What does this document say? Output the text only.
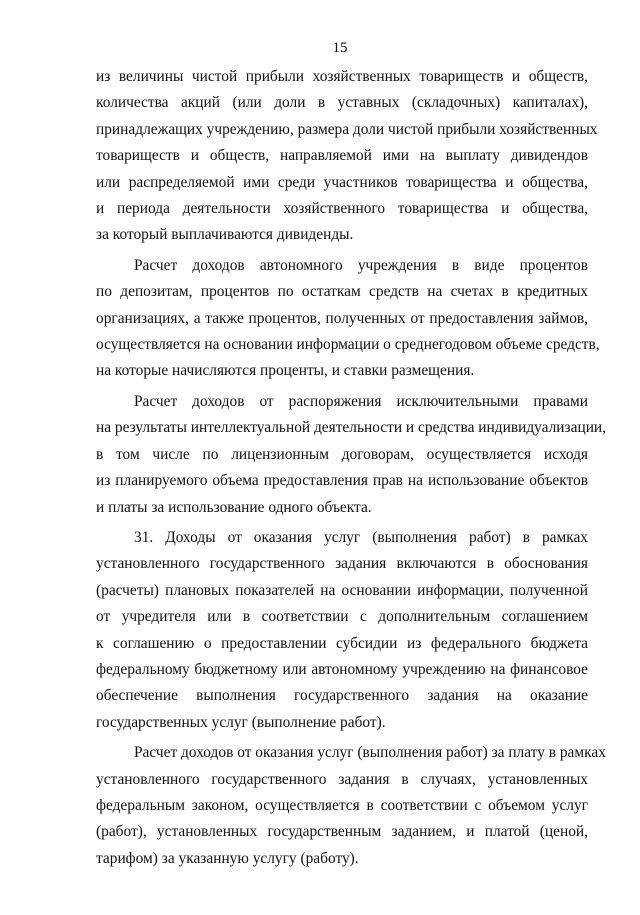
15
из величины чистой прибыли хозяйственных товариществ и обществ,
количества акций (или доли в уставных (складочных) капиталах),
принадлежащих учреждению, размера доли чистой прибыли хозяйственных
товариществ и обществ, направляемой ими на выплату дивидендов
или распределяемой ими среди участников товарищества и общества,
и периода деятельности хозяйственного товарищества и общества,
за который выплачиваются дивиденды.
Расчет доходов автономного учреждения в виде процентов
по депозитам, процентов по остаткам средств на счетах в кредитных
организациях, а также процентов, полученных от предоставления займов,
осуществляется на основании информации о среднегодовом объеме средств,
на которые начисляются проценты, и ставки размещения.
Расчет доходов от распоряжения исключительными правами
на результаты интеллектуальной деятельности и средства индивидуализации,
в том числе по лицензионным договорам, осуществляется исходя
из планируемого объема предоставления прав на использование объектов
и платы за использование одного объекта.
31. Доходы от оказания услуг (выполнения работ) в рамках
установленного государственного задания включаются в обоснования
(расчеты) плановых показателей на основании информации, полученной
от учредителя или в соответствии с дополнительным соглашением
к соглашению о предоставлении субсидии из федерального бюджета
федеральному бюджетному или автономному учреждению на финансовое
обеспечение выполнения государственного задания на оказание
государственных услуг (выполнение работ).
Расчет доходов от оказания услуг (выполнения работ) за плату в рамках
установленного государственного задания в случаях, установленных
федеральным законом, осуществляется в соответствии с объемом услуг
(работ), установленных государственным заданием, и платой (ценой,
тарифом) за указанную услугу (работу).
